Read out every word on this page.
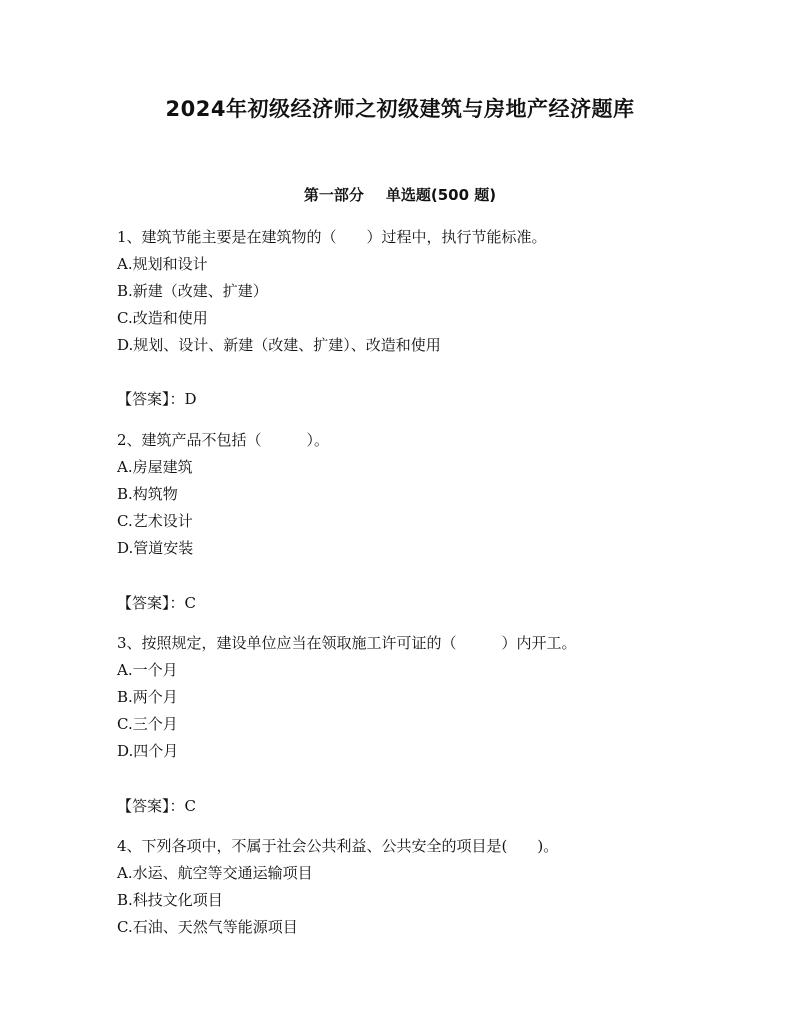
2024年初级经济师之初级建筑与房地产经济题库
第一部分 单选题(500 题)

1、建筑节能主要是在建筑物的（　　）过程中，执行节能标准。

A.规划和设计

B.新建（改建、扩建）

C.改造和使用

D.规划、设计、新建（改建、扩建）、改造和使用

【答案】：D

2、建筑产品不包括（　　　）。

A.房屋建筑

B.构筑物

C.艺术设计

D.管道安装

【答案】：C

3、按照规定，建设单位应当在领取施工许可证的（　　　）内开工。

A.一个月

B.两个月

C.三个月

D.四个月

【答案】：C

4、下列各项中，不属于社会公共利益、公共安全的项目是(　　)。

A.水运、航空等交通运输项目

B.科技文化项目

C.石油、天然气等能源项目
